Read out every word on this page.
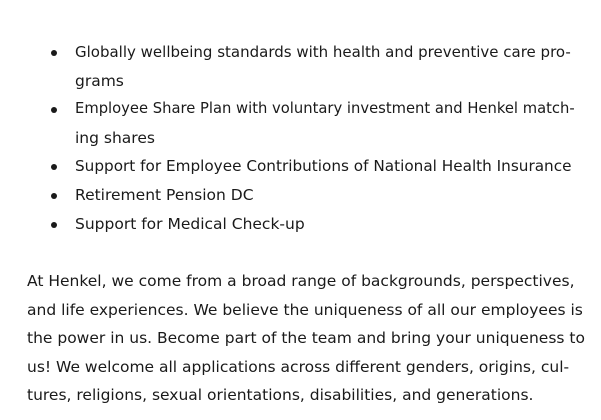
Globally wellbeing standards with health and preventive care pro-
grams
Employee Share Plan with voluntary investment and Henkel match-
ing shares
Support for Employee Contributions of National Health Insurance
Retirement Pension DC
Support for Medical Check-up

At Henkel, we come from a broad range of backgrounds, perspectives,
and life experiences. We believe the uniqueness of all our employees is
the power in us. Become part of the team and bring your uniqueness to
us! We welcome all applications across different genders, origins, cul-
tures, religions, sexual orientations, disabilities, and generations.
